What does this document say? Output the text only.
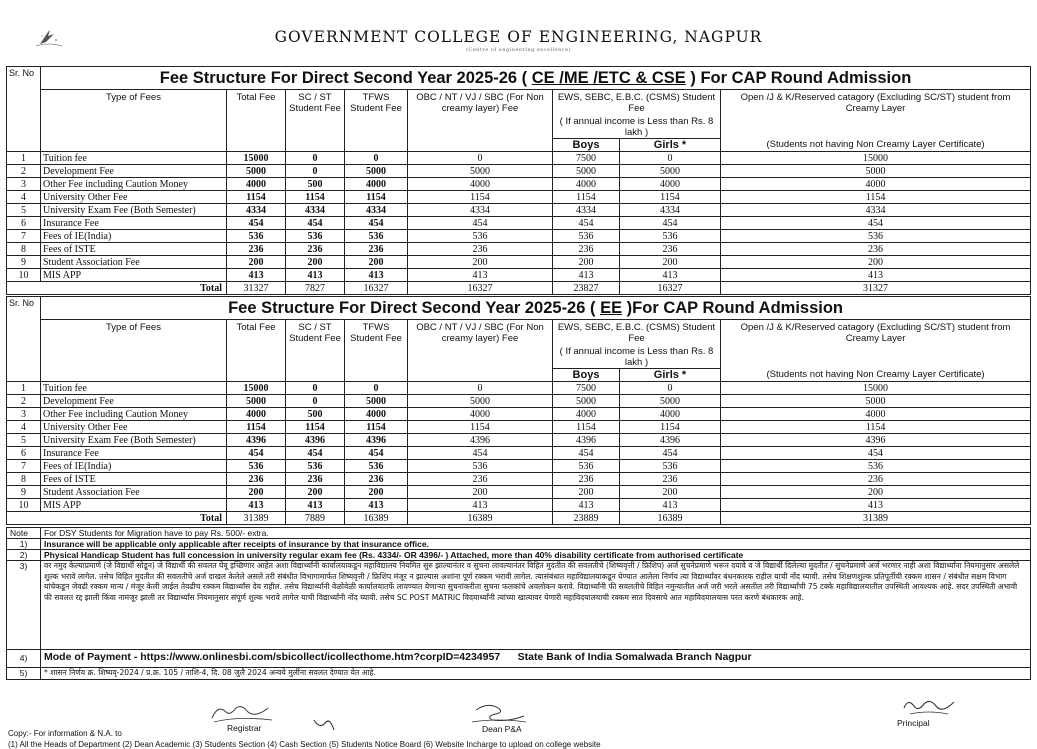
GOVERNMENT COLLEGE OF ENGINEERING, NAGPUR
(Centre of engineering excellence)
Sr. No	Fee Structure For Direct Second Year 2025-26 ( CE /ME /ETC & CSE ) For CAP Round Admission							
	Type of Fees	Total Fee	SC / ST Student Fee	TFWS Student Fee	OBC / NT / VJ / SBC (For Non creamy layer) Fee	EWS, SEBC, E.B.C. (CSMS) Student Fee		Open /J & K/Reserved catagory (Excluding SC/ST) student from Creamy Layer
						( If annual income is Less than Rs. 8 lakh )		
						Boys	Girls *	(Students not having Non Creamy Layer Certificate)
1	Tuition fee	15000	0	0	0	7500	0	15000
2	Development Fee	5000	0	5000	5000	5000	5000	5000
3	Other Fee including Caution Money	4000	500	4000	4000	4000	4000	4000
4	University Other Fee	1154	1154	1154	1154	1154	1154	1154
5	University Exam Fee (Both Semester)	4334	4334	4334	4334	4334	4334	4334
6	Insurance Fee	454	454	454	454	454	454	454
7	Fees of IE(India)	536	536	536	536	536	536	536
8	Fees of ISTE	236	236	236	236	236	236	236
9	Student Association Fee	200	200	200	200	200	200	200
10	MIS APP	413	413	413	413	413	413	413
Total		31327	7827	16327	16327	23827	16327	31327
Sr. No	Fee Structure For Direct Second Year 2025-26 ( EE )For CAP Round Admission							
	Type of Fees	Total Fee	SC / ST Student Fee	TFWS Student Fee	OBC / NT / VJ / SBC (For Non creamy layer) Fee	EWS, SEBC, E.B.C. (CSMS) Student Fee		Open /J & K/Reserved catagory (Excluding SC/ST) student from Creamy Layer
						( If annual income is Less than Rs. 8 lakh )		
						Boys	Girls *	(Students not having Non Creamy Layer Certificate)
1	Tuition fee	15000	0	0	0	7500	0	15000
2	Development Fee	5000	0	5000	5000	5000	5000	5000
3	Other Fee including Caution Money	4000	500	4000	4000	4000	4000	4000
4	University Other Fee	1154	1154	1154	1154	1154	1154	1154
5	University Exam Fee (Both Semester)	4396	4396	4396	4396	4396	4396	4396
6	Insurance Fee	454	454	454	454	454	454	454
7	Fees of IE(India)	536	536	536	536	536	536	536
8	Fees of ISTE	236	236	236	236	236	236	236
9	Student Association Fee	200	200	200	200	200	200	200
10	MIS APP	413	413	413	413	413	413	413
Total		31389	7889	16389	16389	23889	16389	31389
Note	For DSY Students for Migration have to pay Rs. 500/- extra.
1)	Insurance will be applicable only applicable after receipts of insurance by that insurance office.
2)	Physical Handicap Student has full concession in university regular exam fee (Rs. 4334/- OR 4396/- ) Attached, more than 40% disability certificate from authorised certificate
3)	वर नमुद केल्याप्रमाणे (जे विद्यार्थी सोडून) जे विद्यार्थी की सवलत घेवू इच्छिणार आहेत अशा विद्यार्थ्यांनी कार्यालयाकडून महाविद्यालय नियमित सुरु झाल्यानंतर व सुचना लावल्यानंतर विहित मुदतीत की सवलतीचे (शिष्यवृत्ती / फ्रिशिप) अर्ज सुचनेप्रमाणे भरून दयावे व जे विद्यार्थी दिलेल्या मुदतीत / सुचनेप्रमाणे अर्ज भरणार नाही अशा विद्यार्थ्यांना नियमानुसार असलेले शुल्क भरावे लागेल. तसेच विहित मुदतीत की सवलतीचे अर्ज दाखल केलेले असले तरी संबंधीत विभागामार्फत शिष्यवृत्ती / फ्रिशिप मंजूर न झाल्यास अशांना पूर्ण रक्कम भरावी लागेल. त्यासंबंधात महाविद्यालयाकडून घेण्यात आलेला निर्णय त्या विद्यार्थ्यांवर बंधनकारक राहील याची नोंद घ्यावी. तसेच शिक्षणशुल्क प्रतिपूर्तीची रक्कम शासन / संबंधीत सक्षम विभाग यांचेकडून जेवढी रक्कम मान्य / मंजूर केली जाईल तेवढीच रक्कम विद्यार्थ्यांस देय राहील. तसेच विद्यार्थ्यांनी वेळोवेळी कार्यालयातर्फे लावण्यात येणाऱ्या सुचनांकरीता सुचना फलकांचे अवलोकन करावे. विद्यार्थ्यांनी फी सवलतीचे विहित नमुन्यातील अर्ज जरी भरले असतील तरी विद्यार्थ्यांची 75 टक्के महाविद्यालयातील उपस्थिती आवश्यक आहे. सदर उपस्थिती अभावी फी सवलत रद्द झाली किंवा नामंजूर झाली तर विद्यार्थ्यांस नियमानुसार संपूर्ण शुल्क भरावे लागेल याची विद्यार्थ्यांनी नोंद घ्यावी. तसेच SC POST MATRIC विदयार्थ्यांनी त्यांच्या खात्यावर येणारी महाविदयालयाची रक्कम सात दिवसाचे आत महाविदयालयास परत करणे बंधकारक आहे.
4)	Mode of Payment - https://www.onlinesbi.com/sbicollect/icollecthome.htm?corpID=4234957      State Bank of India Somalwada Branch Nagpur
5)	* शासन निर्णय क्र. शिष्यवृ-2024 / प्र.क्र. 105 / ताशि-4, दि. 08 जुलै 2024 अन्वये मुलींना सवलत देण्यात येत आहे.
Registrar	Dean P&A
Principal
Copy:- For information & N.A. to
(1) All the Heads of Department (2) Dean Academic (3) Students Section (4) Cash Section (5) Students Notice Board (6) Website Incharge to upload on college website
